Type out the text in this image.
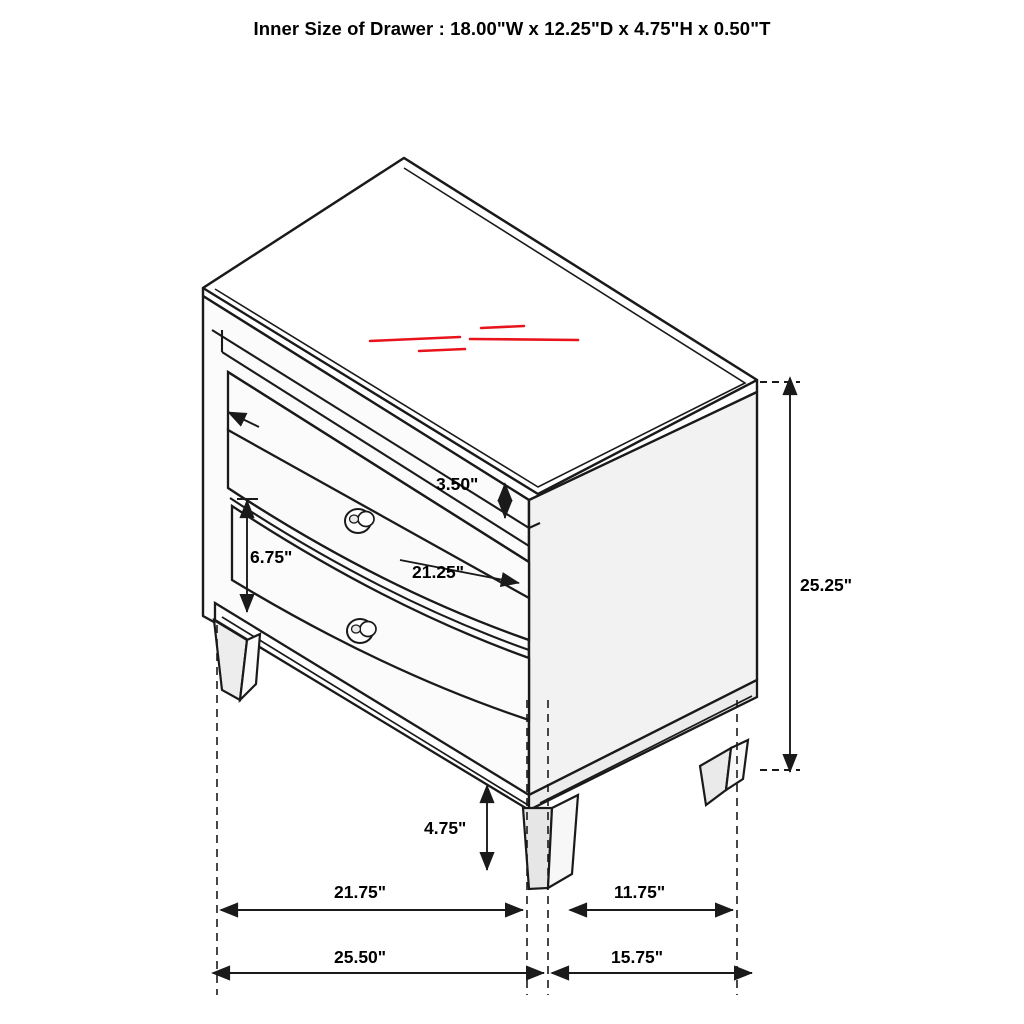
Inner Size of Drawer : 18.00"W x 12.25"D x 4.75"H x 0.50"T
25.25"
3.50"
21.25"
6.75"
4.75"
21.75"	11.75"
25.50"	15.75"
